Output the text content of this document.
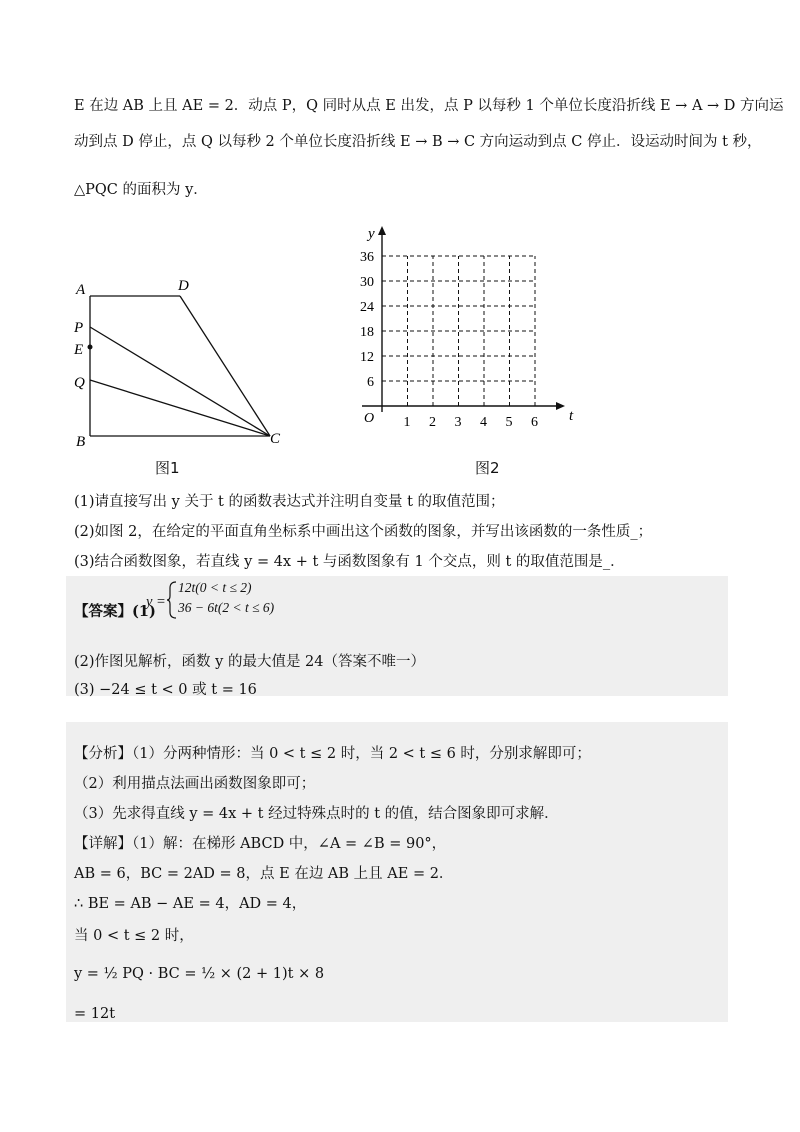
E 在边 AB 上且 AE = 2．动点 P，Q 同时从点 E 出发，点 P 以每秒 1 个单位长度沿折线 E → A → D 方向运
动到点 D 停止，点 Q 以每秒 2 个单位长度沿折线 E → B → C 方向运动到点 C 停止．设运动时间为 t 秒，
△PQC 的面积为 y．
A	D
P
E
Q
B	C
图1
1 2 3 4 5 6
6
12
18
24
30
36
O	t
y
图2
(1)请直接写出 y 关于 t 的函数表达式并注明自变量 t 的取值范围；
(2)如图 2，在给定的平面直角坐标系中画出这个函数的图象，并写出该函数的一条性质_；
(3)结合函数图象，若直线 y = 4x + t 与函数图象有 1 个交点，则 t 的取值范围是_．
【答案】(1)
y =
12t(0 < t ≤ 2)
36 − 6t(2 < t ≤ 6)
(2)作图见解析，函数 y 的最大值是 24（答案不唯一）
(3) −24 ≤ t < 0 或 t = 16
【分析】（1）分两种情形：当 0 < t ≤ 2 时，当 2 < t ≤ 6 时，分别求解即可；
（2）利用描点法画出函数图象即可；
（3）先求得直线 y = 4x + t 经过特殊点时的 t 的值，结合图象即可求解．
【详解】（1）解：在梯形 ABCD 中，∠A = ∠B = 90°，
AB = 6，BC = 2AD = 8，点 E 在边 AB 上且 AE = 2．
∴ BE = AB − AE = 4，AD = 4，
当 0 < t ≤ 2 时，
y = ½ PQ · BC = ½ × (2 + 1)t × 8
= 12t
